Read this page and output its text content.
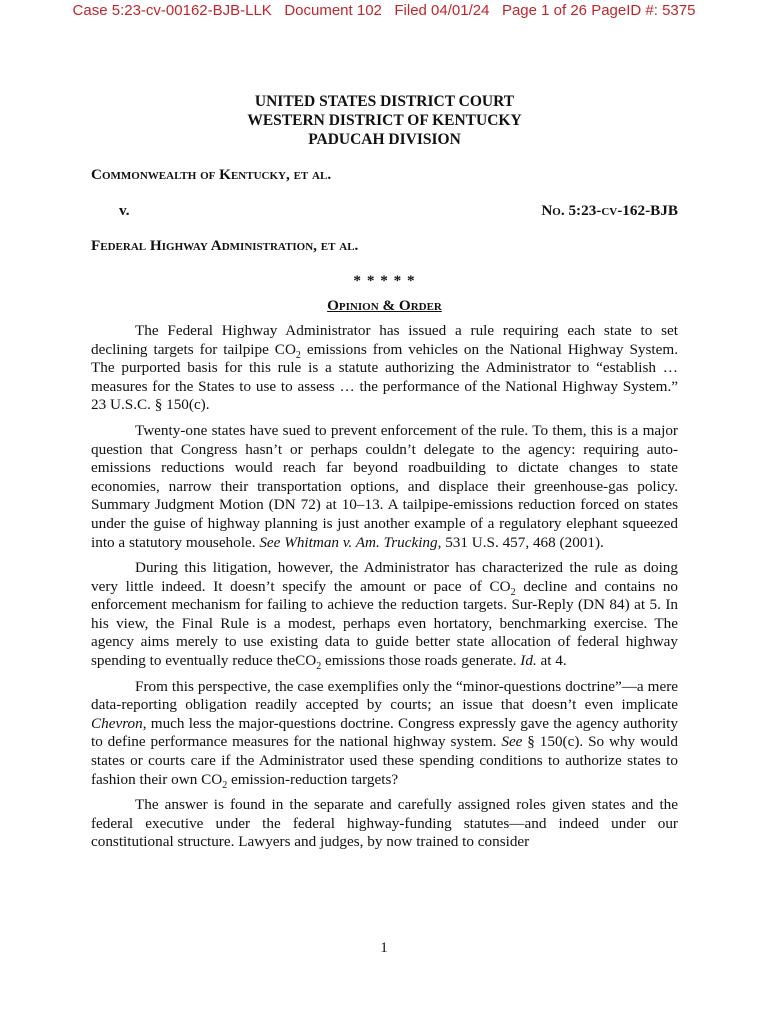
Case 5:23-cv-00162-BJB-LLK   Document 102   Filed 04/01/24   Page 1 of 26 PageID #: 5375
UNITED STATES DISTRICT COURT
WESTERN DISTRICT OF KENTUCKY
PADUCAH DIVISION
Commonwealth of Kentucky, et al.
v.	No. 5:23-cv-162-BJB
Federal Highway Administration, et al.
* * * * *
Opinion & Order

The Federal Highway Administrator has issued a rule requiring each state to set declining targets for tailpipe $CO_2$ emissions from vehicles on the National Highway System. The purported basis for this rule is a statute authorizing the Administrator to “establish … measures for the States to use to assess … the performance of the National Highway System.” 23 U.S.C. § 150(c).

Twenty-one states have sued to prevent enforcement of the rule. To them, this is a major question that Congress hasn’t or perhaps couldn’t delegate to the agency: requiring auto-emissions reductions would reach far beyond roadbuilding to dictate changes to state economies, narrow their transportation options, and displace their greenhouse-gas policy. Summary Judgment Motion (DN 72) at 10–13. A tailpipe-emissions reduction forced on states under the guise of highway planning is just another example of a regulatory elephant squeezed into a statutory mousehole. See Whitman v. Am. Trucking, 531 U.S. 457, 468 (2001).

During this litigation, however, the Administrator has characterized the rule as doing very little indeed. It doesn’t specify the amount or pace of $CO_2$ decline and contains no enforcement mechanism for failing to achieve the reduction targets. Sur-Reply (DN 84) at 5. In his view, the Final Rule is a modest, perhaps even hortatory, benchmarking exercise. The agency aims merely to use existing data to guide better state allocation of federal highway spending to eventually reduce theCO$_2$ emissions those roads generate. Id. at 4.

From this perspective, the case exemplifies only the “minor-questions doctrine”—a mere data-reporting obligation readily accepted by courts; an issue that doesn’t even implicate Chevron, much less the major-questions doctrine. Congress expressly gave the agency authority to define performance measures for the national highway system. See § 150(c). So why would states or courts care if the Administrator used these spending conditions to authorize states to fashion their own $CO_2$ emission-reduction targets?

The answer is found in the separate and carefully assigned roles given states and the federal executive under the federal highway-funding statutes—and indeed under our constitutional structure. Lawyers and judges, by now trained to consider

1
